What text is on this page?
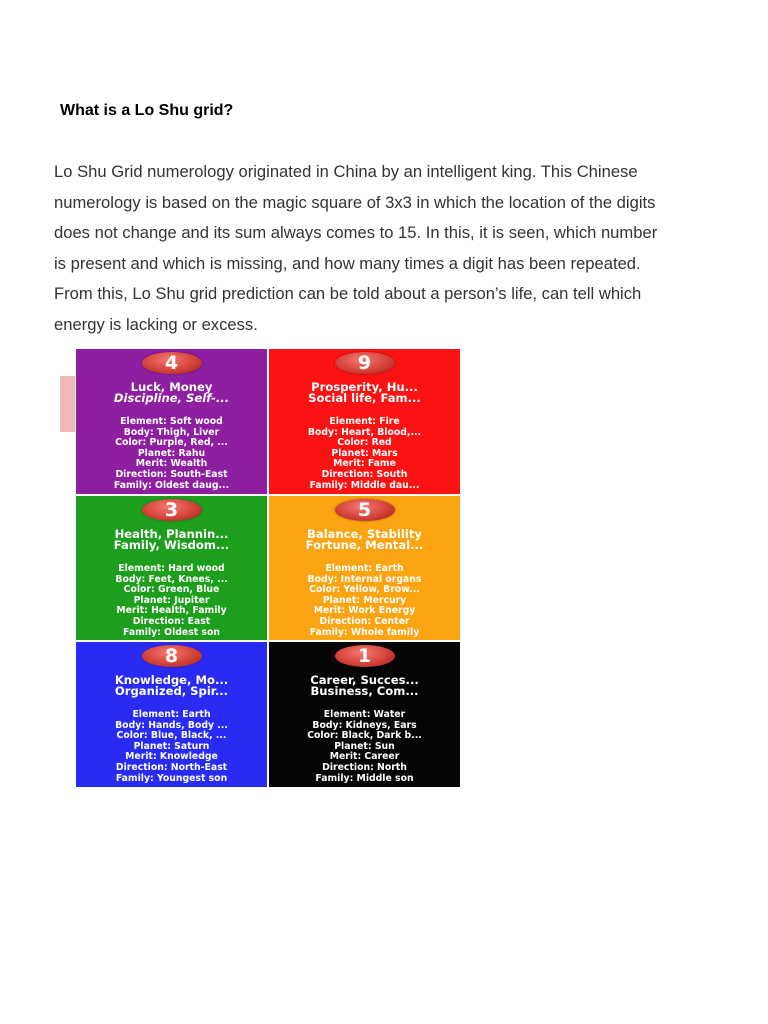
What is a Lo Shu grid?

Lo Shu Grid numerology originated in China by an intelligent king. This Chinese
numerology is based on the magic square of 3x3 in which the location of the digits
does not change and its sum always comes to 15. In this, it is seen, which number
is present and which is missing, and how many times a digit has been repeated.
From this, Lo Shu grid prediction can be told about a person’s life, can tell which
energy is lacking or excess.

4
Luck, Money
Discipline, Self-...
Element: Soft wood
Body: Thigh, Liver
Color: Purple, Red, ...
Planet: Rahu
Merit: Wealth
Direction: South-East
Family: Oldest daug...
9
Prosperity, Hu...
Social life, Fam...
Element: Fire
Body: Heart, Blood,...
Color: Red
Planet: Mars
Merit: Fame
Direction: South
Family: Middle dau...
3
Health, Plannin...
Family, Wisdom...
Element: Hard wood
Body: Feet, Knees, ...
Color: Green, Blue
Planet: Jupiter
Merit: Health, Family
Direction: East
Family: Oldest son
5
Balance, Stability
Fortune, Mental...
Element: Earth
Body: Internal organs
Color: Yellow, Brow...
Planet: Mercury
Merit: Work Energy
Direction: Center
Family: Whole family
8
Knowledge, Mo...
Organized, Spir...
Element: Earth
Body: Hands, Body ...
Color: Blue, Black, ...
Planet: Saturn
Merit: Knowledge
Direction: North-East
Family: Youngest son
1
Career, Succes...
Business, Com...
Element: Water
Body: Kidneys, Ears
Color: Black, Dark b...
Planet: Sun
Merit: Career
Direction: North
Family: Middle son
